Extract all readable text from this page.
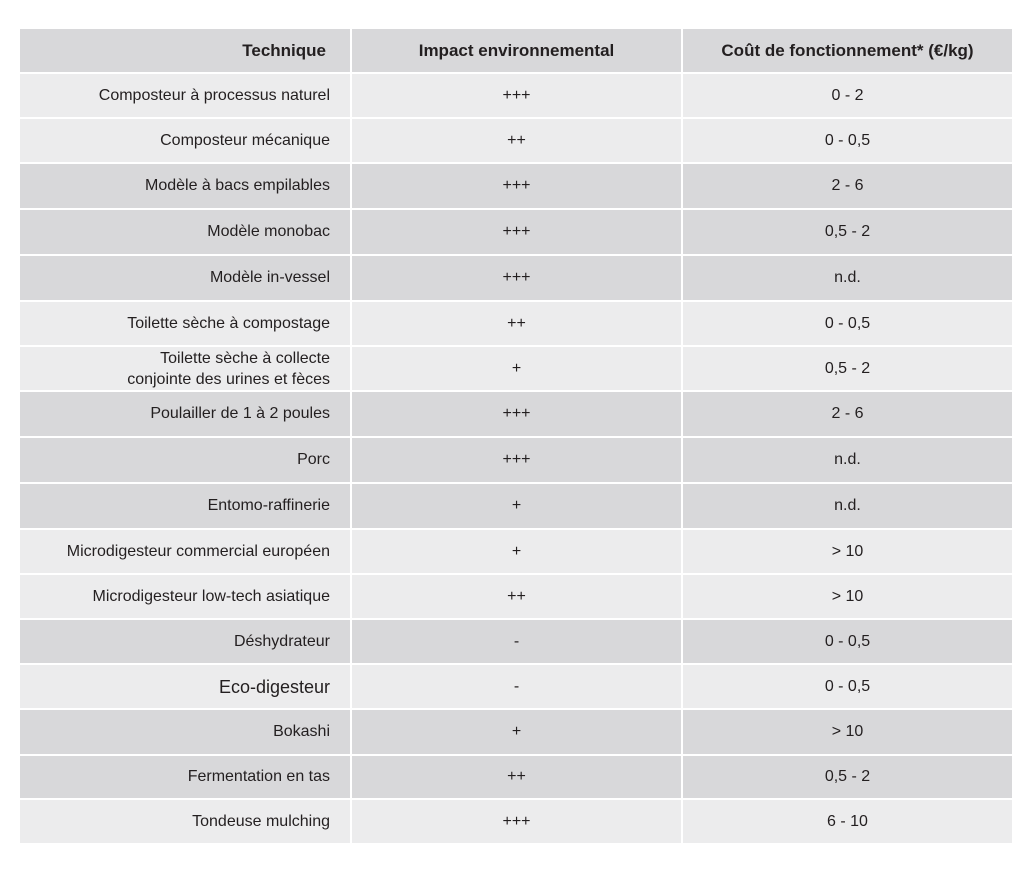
Technique	Impact environnemental	Coût de fonctionnement* (€/kg)
Composteur à processus naturel	+++	0 - 2
Composteur mécanique	++	0 - 0,5
Modèle à bacs empilables	+++	2 - 6
Modèle monobac	+++	0,5 - 2
Modèle in-vessel	+++	n.d.
Toilette sèche à compostage	++	0 - 0,5

Toilette sèche à collecte
conjointe des urines et fèces	+	0,5 - 2
Poulailler de 1 à 2 poules	+++	2 - 6
Porc	+++	n.d.
Entomo-raffinerie	+	n.d.
Microdigesteur commercial européen	+	> 10
Microdigesteur low-tech asiatique	++	> 10
Déshydrateur	-	0 - 0,5
Eco-digesteur	-	0 - 0,5
Bokashi	+	> 10
Fermentation en tas	++	0,5 - 2
Tondeuse mulching	+++	6 - 10
